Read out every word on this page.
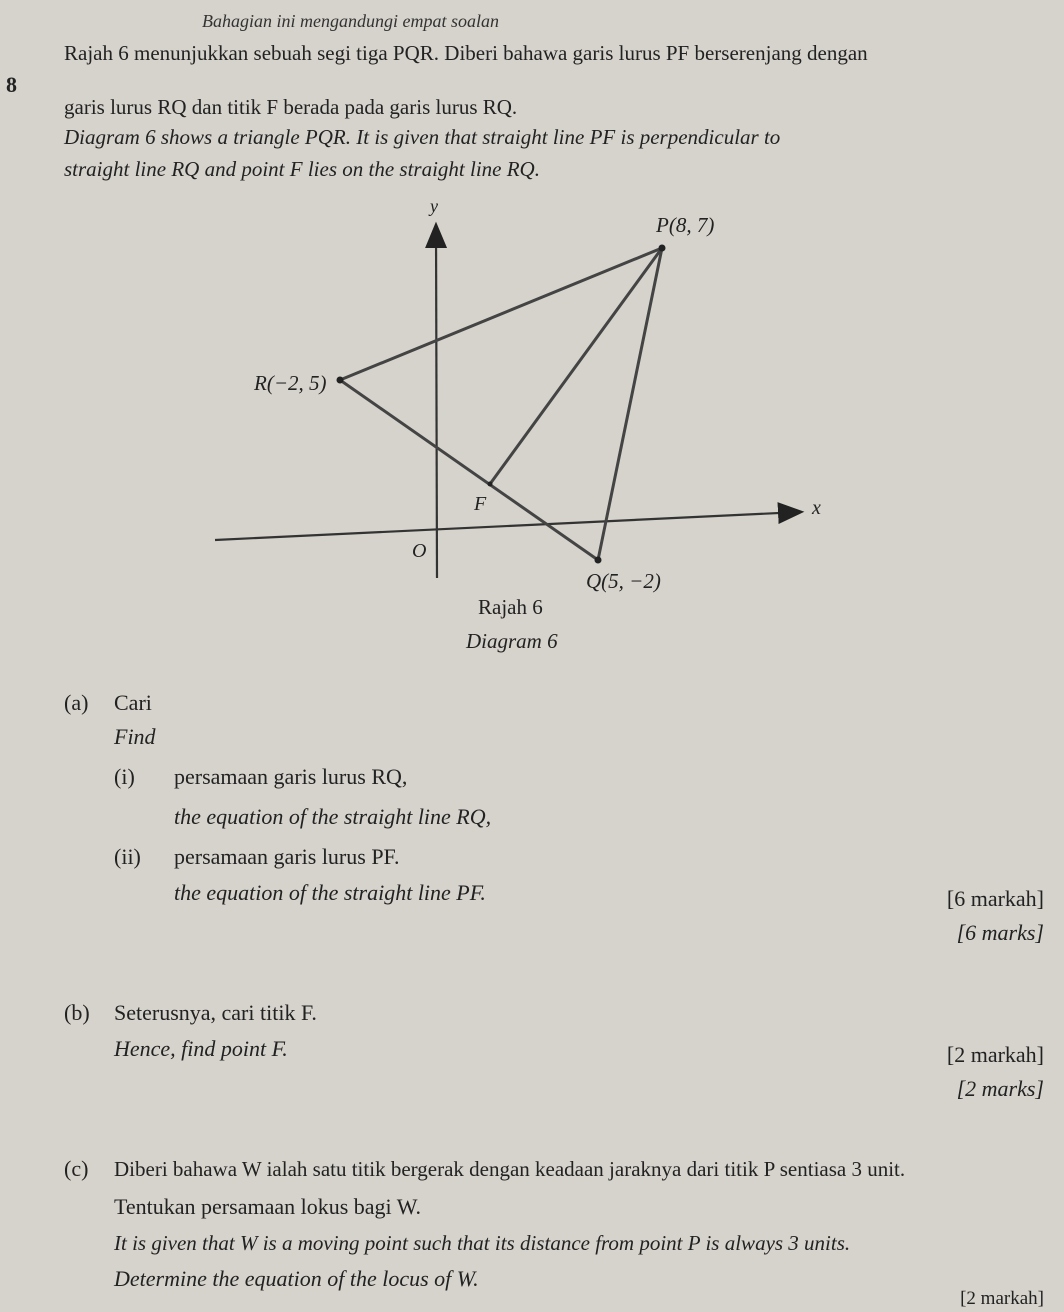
Bahagian ini mengandungi empat soalan
8
Rajah 6 menunjukkan sebuah segi tiga PQR. Diberi bahawa garis lurus PF berserenjang dengan
garis lurus RQ dan titik F berada pada garis lurus RQ.
Diagram 6 shows a triangle PQR. It is given that straight line PF is perpendicular to
straight line RQ and point F lies on the straight line RQ.
x
y
O
P(8, 7)
R(−2, 5)
Q(5, −2)
F
Rajah 6
Diagram 6
(a) Cari
Find
(i) persamaan garis lurus RQ,
the equation of the straight line RQ,
(ii) persamaan garis lurus PF.
the equation of the straight line PF.	[6 markah]
[6 marks]
(b) Seterusnya, cari titik F.
Hence, find point F.	[2 markah]
[2 marks]
(c) Diberi bahawa W ialah satu titik bergerak dengan keadaan jaraknya dari titik P sentiasa 3 unit.
Tentukan persamaan lokus bagi W.
It is given that W is a moving point such that its distance from point P is always 3 units.
Determine the equation of the locus of W.
[2 markah]
